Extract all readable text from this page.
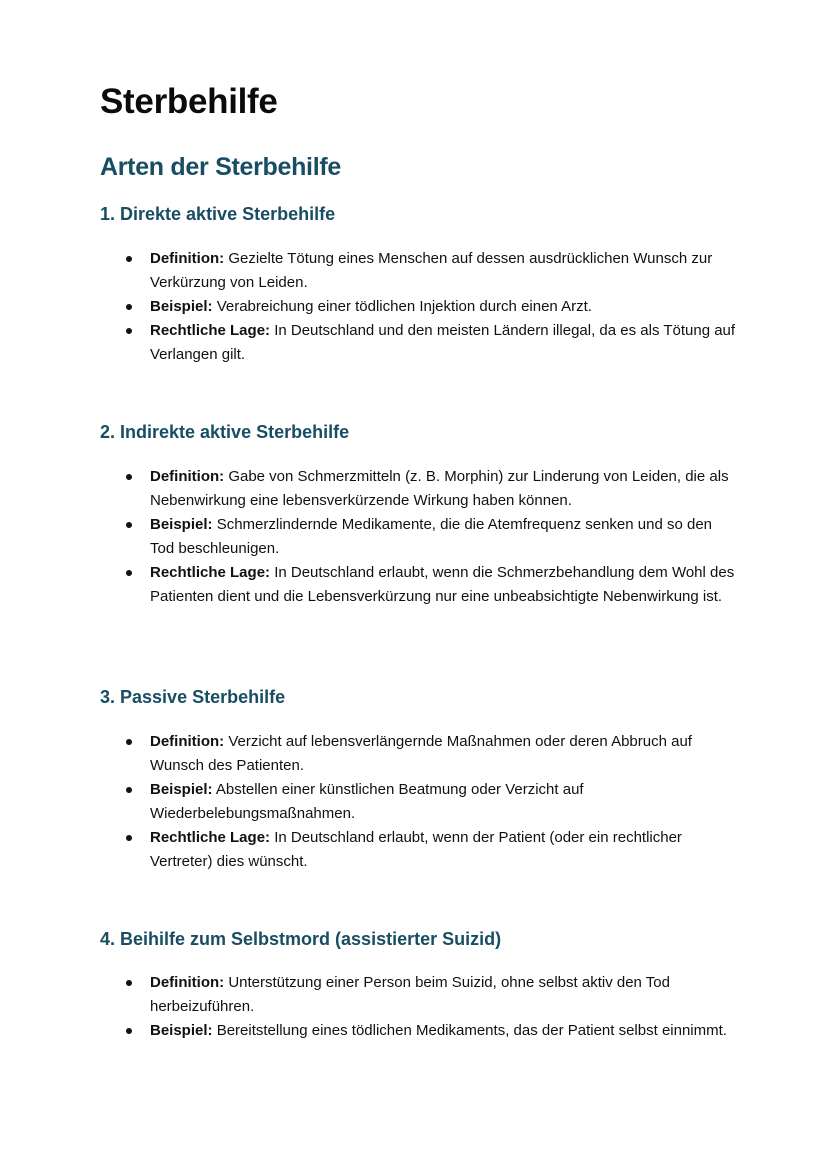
Sterbehilfe
Arten der Sterbehilfe
1. Direkte aktive Sterbehilfe
Definition: Gezielte Tötung eines Menschen auf dessen ausdrücklichen Wunsch zur Verkürzung von Leiden.
Beispiel: Verabreichung einer tödlichen Injektion durch einen Arzt.
Rechtliche Lage: In Deutschland und den meisten Ländern illegal, da es als Tötung auf Verlangen gilt.
2. Indirekte aktive Sterbehilfe
Definition: Gabe von Schmerzmitteln (z. B. Morphin) zur Linderung von Leiden, die als Nebenwirkung eine lebensverkürzende Wirkung haben können.
Beispiel: Schmerzlindernde Medikamente, die die Atemfrequenz senken und so den Tod beschleunigen.
Rechtliche Lage: In Deutschland erlaubt, wenn die Schmerzbehandlung dem Wohl des Patienten dient und die Lebensverkürzung nur eine unbeabsichtigte Nebenwirkung ist.
3. Passive Sterbehilfe
Definition: Verzicht auf lebensverlängernde Maßnahmen oder deren Abbruch auf Wunsch des Patienten.
Beispiel: Abstellen einer künstlichen Beatmung oder Verzicht auf Wiederbelebungsmaßnahmen.
Rechtliche Lage: In Deutschland erlaubt, wenn der Patient (oder ein rechtlicher Vertreter) dies wünscht.
4. Beihilfe zum Selbstmord (assistierter Suizid)
Definition: Unterstützung einer Person beim Suizid, ohne selbst aktiv den Tod herbeizuführen.
Beispiel: Bereitstellung eines tödlichen Medikaments, das der Patient selbst einnimmt.
